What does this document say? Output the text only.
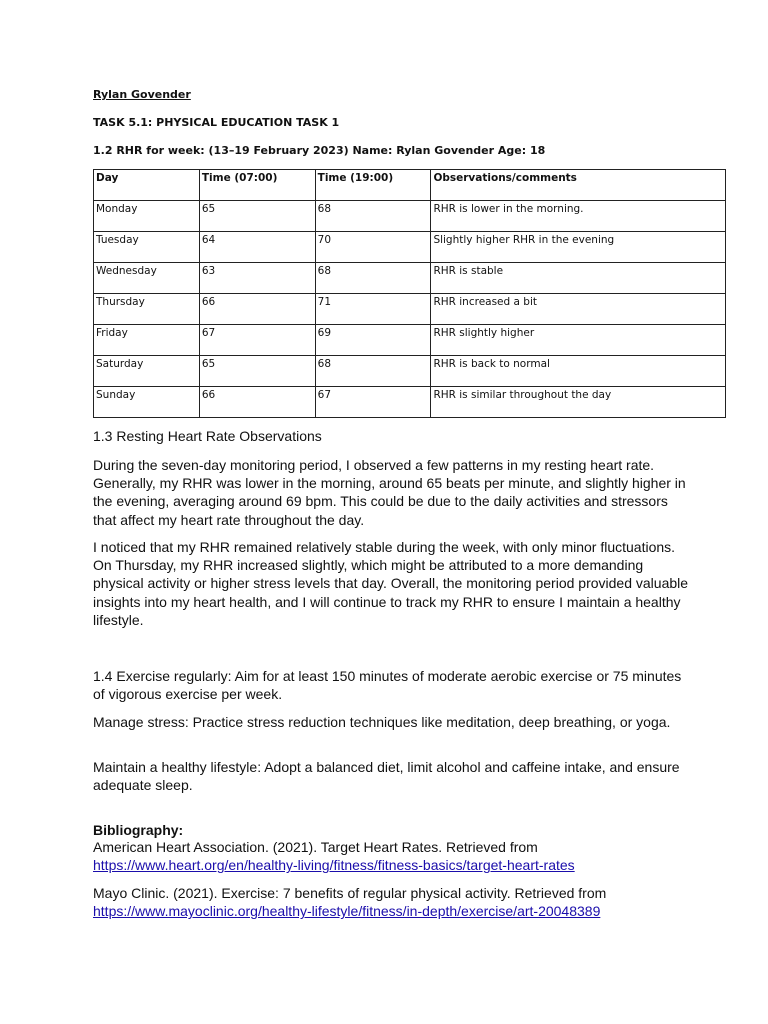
Rylan Govender
TASK 5.1: PHYSICAL EDUCATION TASK 1
1.2 RHR for week: (13–19 February 2023) Name: Rylan Govender Age: 18
Day	Time (07:00)	Time (19:00)	Observations/comments
Monday	65	68	RHR is lower in the morning.
Tuesday	64	70	Slightly higher RHR in the evening
Wednesday	63	68	RHR is stable
Thursday	66	71	RHR increased a bit
Friday	67	69	RHR slightly higher
Saturday	65	68	RHR is back to normal
Sunday	66	67	RHR is similar throughout the day
1.3 Resting Heart Rate Observations
During the seven-day monitoring period, I observed a few patterns in my resting heart rate. Generally, my RHR was lower in the morning, around 65 beats per minute, and slightly higher in the evening, averaging around 69 bpm. This could be due to the daily activities and stressors that affect my heart rate throughout the day.
I noticed that my RHR remained relatively stable during the week, with only minor fluctuations. On Thursday, my RHR increased slightly, which might be attributed to a more demanding physical activity or higher stress levels that day. Overall, the monitoring period provided valuable insights into my heart health, and I will continue to track my RHR to ensure I maintain a healthy lifestyle.
1.4 Exercise regularly: Aim for at least 150 minutes of moderate aerobic exercise or 75 minutes of vigorous exercise per week.
Manage stress: Practice stress reduction techniques like meditation, deep breathing, or yoga.
Maintain a healthy lifestyle: Adopt a balanced diet, limit alcohol and caffeine intake, and ensure adequate sleep.
Bibliography:
American Heart Association. (2021). Target Heart Rates. Retrieved from
https://www.heart.org/en/healthy-living/fitness/fitness-basics/target-heart-rates
Mayo Clinic. (2021). Exercise: 7 benefits of regular physical activity. Retrieved from
https://www.mayoclinic.org/healthy-lifestyle/fitness/in-depth/exercise/art-20048389
